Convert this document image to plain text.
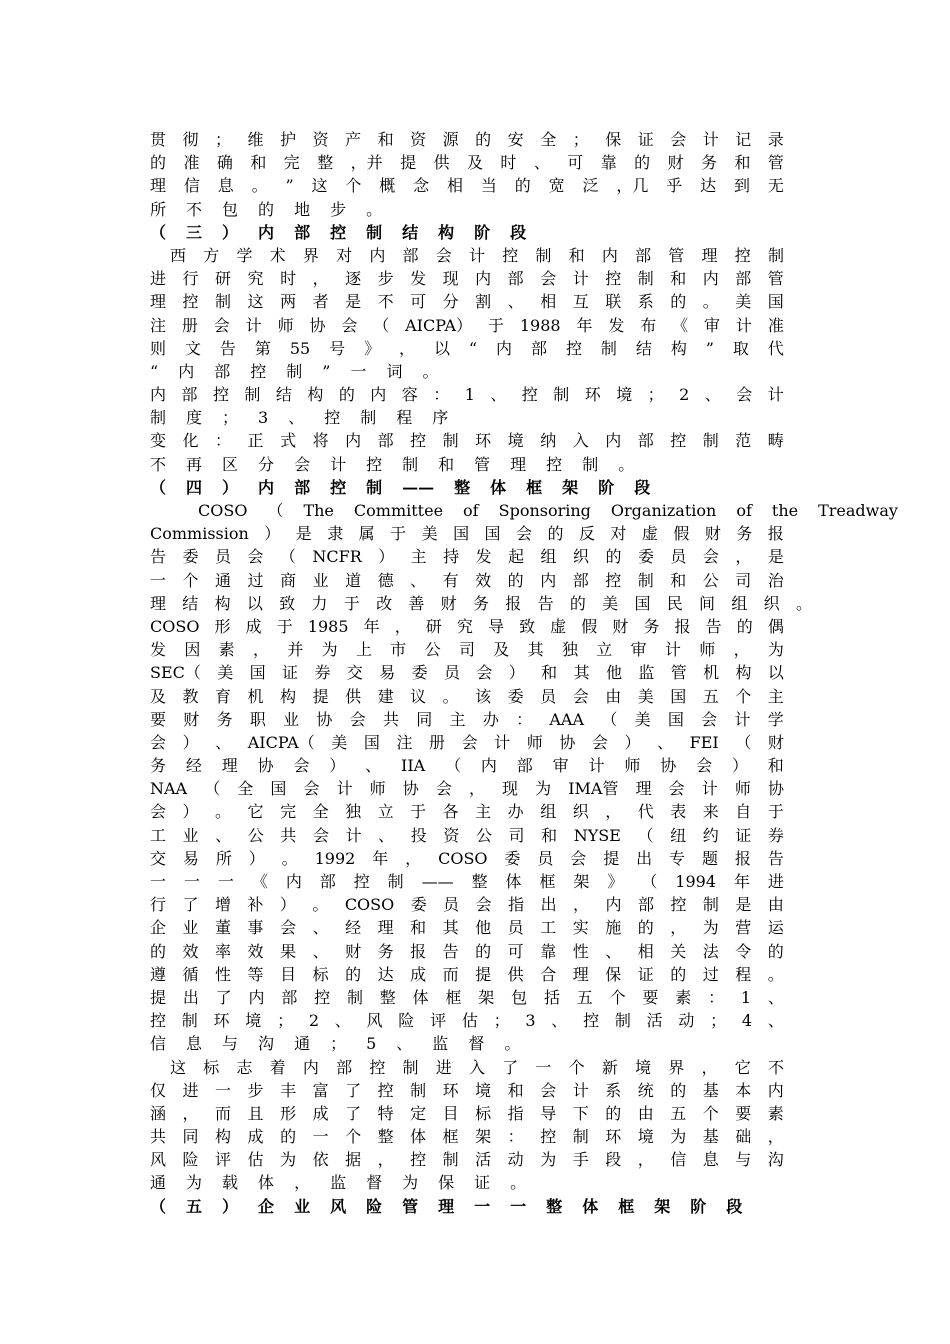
贯 彻 ； 维 护 资 产 和 资 源 的 安 全 ； 保 证 会 计 记 录
的 准 确 和 完 整 ，并 提 供 及 时 、 可 靠 的 财 务 和 管
理 信 息 。 ” 这 个 概 念 相 当 的 宽 泛 ，几 乎 达 到 无
所 不 包 的 地 步 。
（ 三 ） 内 部 控 制 结 构 阶 段
西 方 学 术 界 对 内 部 会 计 控 制 和 内 部 管 理 控 制
进 行 研 究 时 ， 逐 步 发 现 内 部 会 计 控 制 和 内 部 管
理 控 制 这 两 者 是 不 可 分 割 、 相 互 联 系 的 。 美 国
注 册 会 计 师 协 会 （ AICPA） 于 1988 年 发 布 《 审 计 准
则 文 告 第 55 号 》 ， 以 “ 内 部 控 制 结 构 ” 取 代
“ 内 部 控 制 ” 一 词 。
内 部 控 制 结 构 的 内 容 ： 1 、 控 制 环 境 ； 2 、 会 计
制 度 ； 3 、 控 制 程 序
变 化 ： 正 式 将 内 部 控 制 环 境 纳 入 内 部 控 制 范 畴
不 再 区 分 会 计 控 制 和 管 理 控 制 。
（ 四 ） 内 部 控 制 —— 整 体 框 架 阶 段
COSO （ The Committee of Sponsoring Organization of the Treadway
Commission ） 是 隶 属 于 美 国 国 会 的 反 对 虚 假 财 务 报
告 委 员 会 （ NCFR ） 主 持 发 起 组 织 的 委 员 会 ， 是
一 个 通 过 商 业 道 德 、 有 效 的 内 部 控 制 和 公 司 治
理 结 构 以 致 力 于 改 善 财 务 报 告 的 美 国 民 间 组 织 。
COSO 形 成 于 1985 年 ， 研 究 导 致 虚 假 财 务 报 告 的 偶
发 因 素 ， 并 为 上 市 公 司 及 其 独 立 审 计 师 ， 为
SEC（ 美 国 证 券 交 易 委 员 会 ） 和 其 他 监 管 机 构 以
及 教 育 机 构 提 供 建 议 。 该 委 员 会 由 美 国 五 个 主
要 财 务 职 业 协 会 共 同 主 办 ： AAA （ 美 国 会 计 学
会 ） 、 AICPA（ 美 国 注 册 会 计 师 协 会 ） 、 FEI （ 财
务 经 理 协 会 ） 、 IIA （ 内 部 审 计 师 协 会 ） 和
NAA （ 全 国 会 计 师 协 会 ， 现 为 IMA管 理 会 计 师 协
会 ） 。 它 完 全 独 立 于 各 主 办 组 织 ， 代 表 来 自 于
工 业 、 公 共 会 计 、 投 资 公 司 和 NYSE （ 纽 约 证 券
交 易 所 ） 。 1992 年 ， COSO 委 员 会 提 出 专 题 报 告
一 一 一 《 内 部 控 制 —— 整 体 框 架 》 （ 1994 年 进
行 了 增 补 ） 。 COSO 委 员 会 指 出 ， 内 部 控 制 是 由
企 业 董 事 会 、 经 理 和 其 他 员 工 实 施 的 ， 为 营 运
的 效 率 效 果 、 财 务 报 告 的 可 靠 性 、 相 关 法 令 的
遵 循 性 等 目 标 的 达 成 而 提 供 合 理 保 证 的 过 程 。
提 出 了 内 部 控 制 整 体 框 架 包 括 五 个 要 素 ： 1 、
控 制 环 境 ； 2 、 风 险 评 估 ； 3 、 控 制 活 动 ； 4 、
信 息 与 沟 通 ； 5 、 监 督 。
这 标 志 着 内 部 控 制 进 入 了 一 个 新 境 界 ， 它 不
仅 进 一 步 丰 富 了 控 制 环 境 和 会 计 系 统 的 基 本 内
涵 ， 而 且 形 成 了 特 定 目 标 指 导 下 的 由 五 个 要 素
共 同 构 成 的 一 个 整 体 框 架 ： 控 制 环 境 为 基 础 ，
风 险 评 估 为 依 据 ， 控 制 活 动 为 手 段 ， 信 息 与 沟
通 为 载 体 ， 监 督 为 保 证 。
（ 五 ） 企 业 风 险 管 理 一 一 整 体 框 架 阶 段
